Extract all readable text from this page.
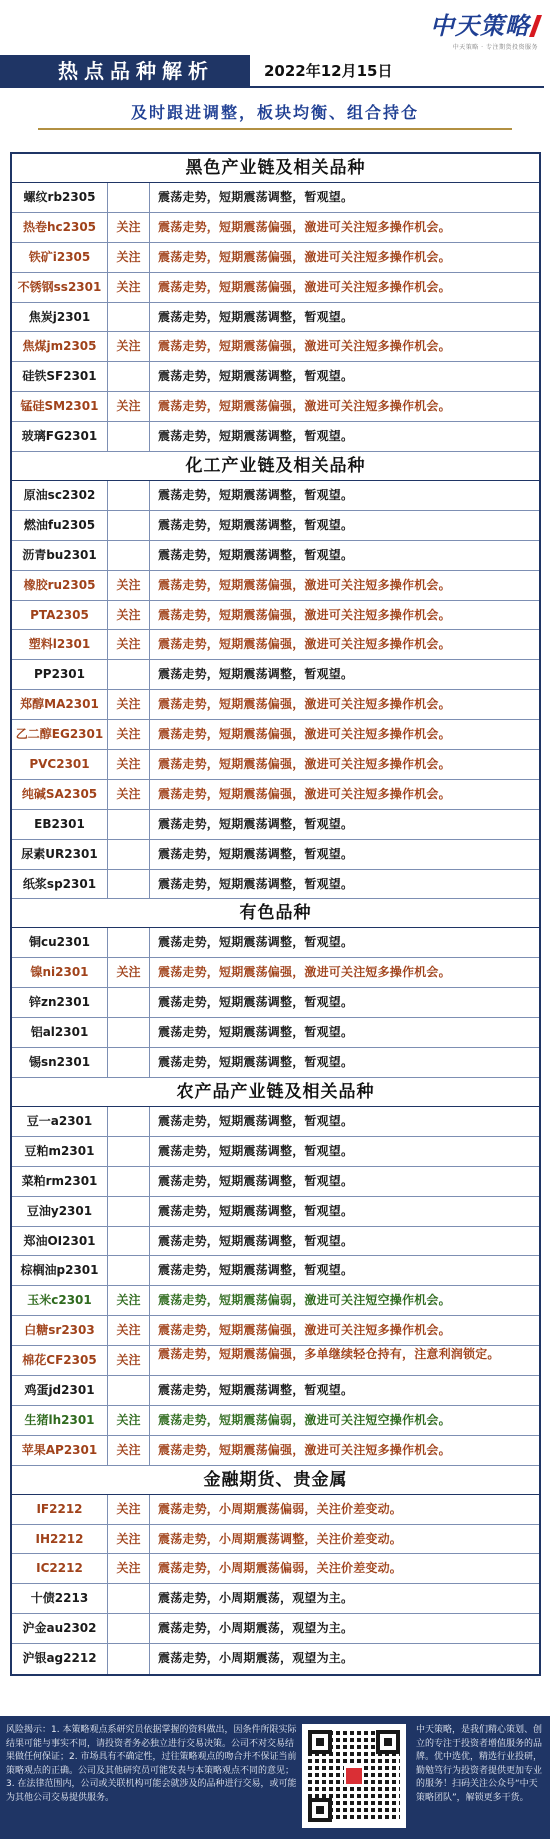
中天策略
中天策略 · 专注期货投资服务
热点品种解析	2022年12月15日
及时跟进调整，板块均衡、组合持仓
黑色产业链及相关品种
螺纹rb2305	震荡走势，短期震荡调整，暂观望。
热卷hc2305	关注	震荡走势，短期震荡偏强，激进可关注短多操作机会。
铁矿i2305	关注	震荡走势，短期震荡偏强，激进可关注短多操作机会。
不锈钢ss2301	关注	震荡走势，短期震荡偏强，激进可关注短多操作机会。
焦炭j2301	震荡走势，短期震荡调整，暂观望。
焦煤jm2305	关注	震荡走势，短期震荡偏强，激进可关注短多操作机会。
硅铁SF2301	震荡走势，短期震荡调整，暂观望。
锰硅SM2301	关注	震荡走势，短期震荡偏强，激进可关注短多操作机会。
玻璃FG2301	震荡走势，短期震荡调整，暂观望。
化工产业链及相关品种
原油sc2302	震荡走势，短期震荡调整，暂观望。
燃油fu2305	震荡走势，短期震荡调整，暂观望。
沥青bu2301	震荡走势，短期震荡调整，暂观望。
橡胶ru2305	关注	震荡走势，短期震荡偏强，激进可关注短多操作机会。
PTA2305	关注	震荡走势，短期震荡偏强，激进可关注短多操作机会。
塑料l2301	关注	震荡走势，短期震荡偏强，激进可关注短多操作机会。
PP2301	震荡走势，短期震荡调整，暂观望。
郑醇MA2301	关注	震荡走势，短期震荡偏强，激进可关注短多操作机会。
乙二醇EG2301	关注	震荡走势，短期震荡偏强，激进可关注短多操作机会。
PVC2301	关注	震荡走势，短期震荡偏强，激进可关注短多操作机会。
纯碱SA2305	关注	震荡走势，短期震荡偏强，激进可关注短多操作机会。
EB2301	震荡走势，短期震荡调整，暂观望。
尿素UR2301	震荡走势，短期震荡调整，暂观望。
纸浆sp2301	震荡走势，短期震荡调整，暂观望。
有色品种
铜cu2301	震荡走势，短期震荡调整，暂观望。
镍ni2301	关注	震荡走势，短期震荡偏强，激进可关注短多操作机会。
锌zn2301	震荡走势，短期震荡调整，暂观望。
铝al2301	震荡走势，短期震荡调整，暂观望。
锡sn2301	震荡走势，短期震荡调整，暂观望。
农产品产业链及相关品种
豆一a2301	震荡走势，短期震荡调整，暂观望。
豆粕m2301	震荡走势，短期震荡调整，暂观望。
菜粕rm2301	震荡走势，短期震荡调整，暂观望。
豆油y2301	震荡走势，短期震荡调整，暂观望。
郑油OI2301	震荡走势，短期震荡调整，暂观望。
棕榈油p2301	震荡走势，短期震荡调整，暂观望。
玉米c2301	关注	震荡走势，短期震荡偏弱，激进可关注短空操作机会。
白糖sr2303	关注	震荡走势，短期震荡偏强，激进可关注短多操作机会。
棉花CF2305	关注	震荡走势，短期震荡偏强，多单继续轻仓持有，注意利润锁定。
鸡蛋jd2301	震荡走势，短期震荡调整，暂观望。
生猪lh2301	关注	震荡走势，短期震荡偏弱，激进可关注短空操作机会。
苹果AP2301	关注	震荡走势，短期震荡偏强，激进可关注短多操作机会。
金融期货、贵金属
IF2212	关注	震荡走势，小周期震荡偏弱，关注价差变动。
IH2212	关注	震荡走势，小周期震荡调整，关注价差变动。
IC2212	关注	震荡走势，小周期震荡偏弱，关注价差变动。
十债2213	震荡走势，小周期震荡，观望为主。
沪金au2302	震荡走势，小周期震荡，观望为主。
沪银ag2212	震荡走势，小周期震荡，观望为主。
风险揭示：1. 本策略观点系研究员依据掌握的资料做出，因条件所限实际结果可能与事实不同，请投资者务必独立进行交易决策。公司不对交易结果做任何保证；2. 市场具有不确定性，过往策略观点的吻合并不保证当前策略观点的正确。公司及其他研究员可能发表与本策略观点不同的意见；3. 在法律范围内，公司或关联机构可能会就涉及的品种进行交易，或可能为其他公司交易提供服务。
中天策略，是我们精心策划、创立的专注于投资者增值服务的品牌。优中选优，精选行业投研，勤勉笃行为投资者提供更加专业的服务！扫码关注公众号“中天策略团队”，解锁更多干货。
